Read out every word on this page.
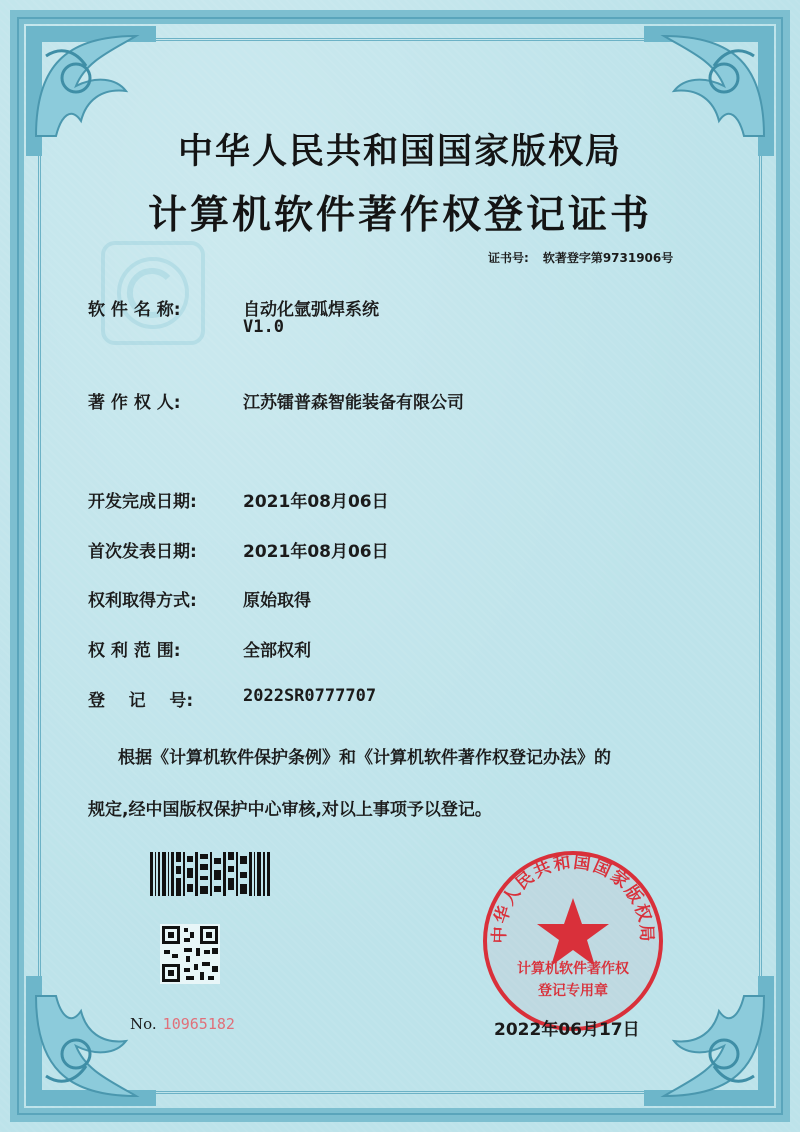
中华人民共和国国家版权局
计算机软件著作权登记证书
证书号: 软著登字第9731906号
软 件 名 称:	自动化氩弧焊系统
V1.0
著 作 权 人:	江苏镭普森智能装备有限公司
开发完成日期:	2021年08月06日
首次发表日期:	2021年08月06日
权利取得方式:	原始取得
权 利 范 围:	全部权利
登    记    号:	2022SR0777707
根据《计算机软件保护条例》和《计算机软件著作权登记办法》的
规定,经中国版权保护中心审核,对以上事项予以登记。
No. 10965182
中华人民共和国国家版权局
计算机软件著作权
登记专用章
2022年06月17日
